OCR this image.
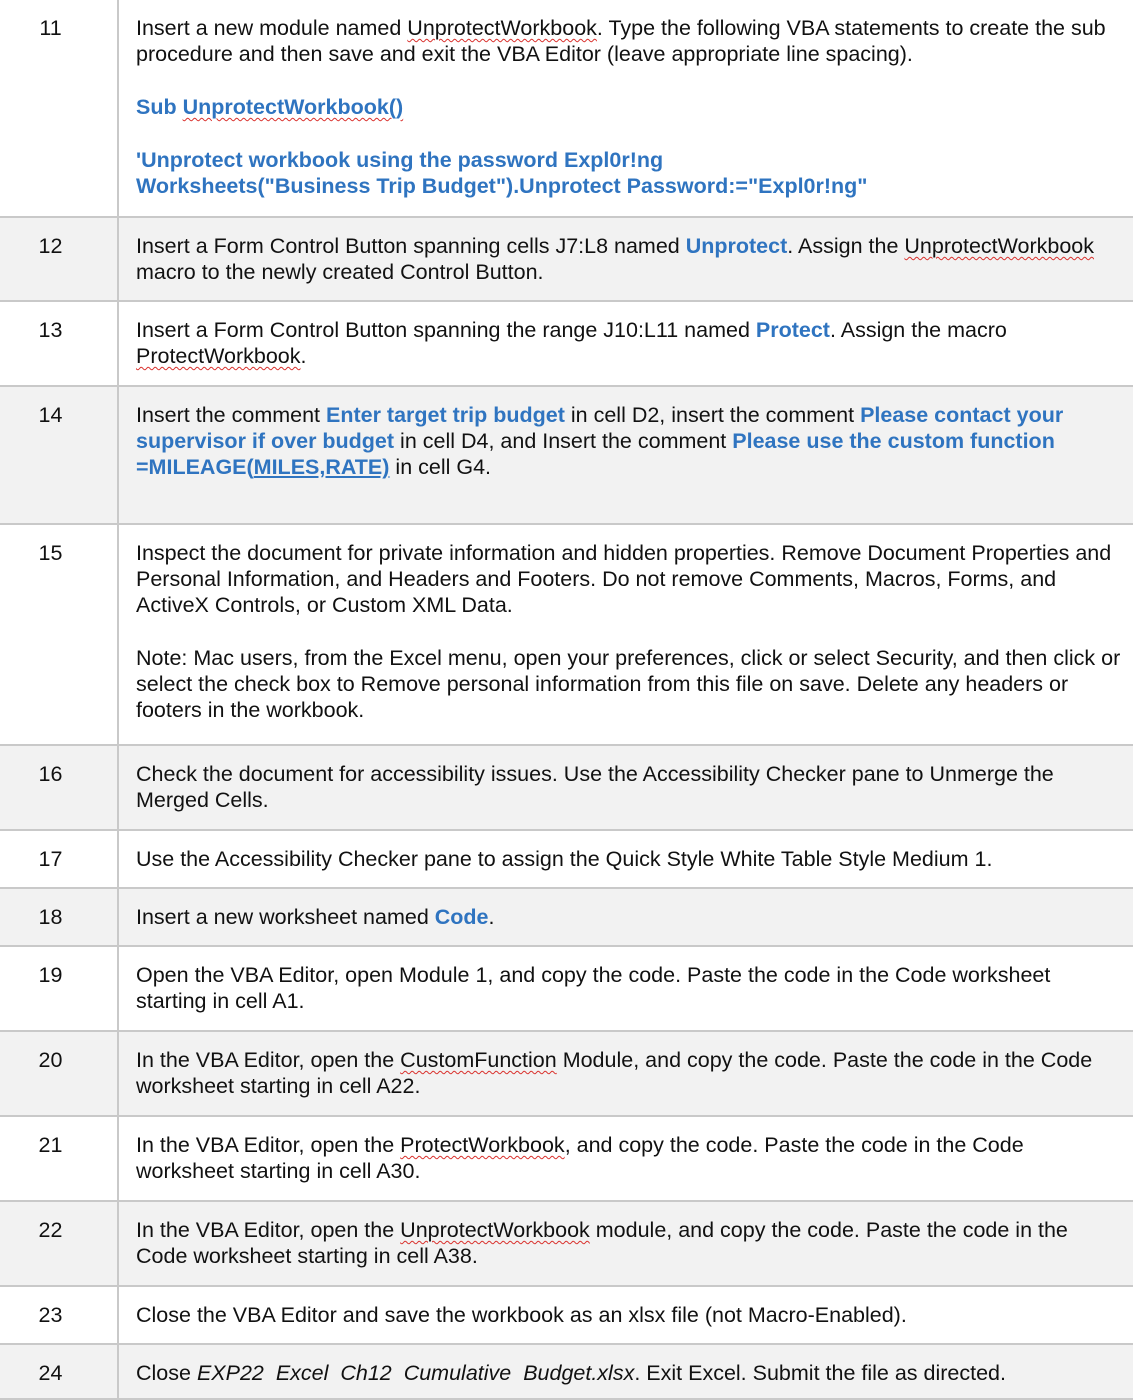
11	Insert a new module named UnprotectWorkbook. Type the following VBA statements to create the sub procedure and then save and exit the VBA Editor (leave appropriate line spacing).

Sub UnprotectWorkbook()

'Unprotect workbook using the password Expl0r!ng
Worksheets("Business Trip Budget").Unprotect Password:="Expl0r!ng"

12	Insert a Form Control Button spanning cells J7:L8 named Unprotect. Assign the UnprotectWorkbook macro to the newly created Control Button.

13	Insert a Form Control Button spanning the range J10:L11 named Protect. Assign the macro ProtectWorkbook.

14	Insert the comment Enter target trip budget in cell D2, insert the comment Please contact your supervisor if over budget in cell D4, and Insert the comment Please use the custom function
=MILEAGE(MILES,RATE) in cell G4.

15	Inspect the document for private information and hidden properties. Remove Document Properties and Personal Information, and Headers and Footers. Do not remove Comments, Macros, Forms, and ActiveX Controls, or Custom XML Data.

Note: Mac users, from the Excel menu, open your preferences, click or select Security, and then click or select the check box to Remove personal information from this file on save. Delete any headers or footers in the workbook.

16	Check the document for accessibility issues. Use the Accessibility Checker pane to Unmerge the Merged Cells.

17	Use the Accessibility Checker pane to assign the Quick Style White Table Style Medium 1.

18	Insert a new worksheet named Code.

19	Open the VBA Editor, open Module 1, and copy the code. Paste the code in the Code worksheet starting in cell A1.

20	In the VBA Editor, open the CustomFunction Module, and copy the code. Paste the code in the Code worksheet starting in cell A22.

21	In the VBA Editor, open the ProtectWorkbook, and copy the code. Paste the code in the Code worksheet starting in cell A30.

22	In the VBA Editor, open the UnprotectWorkbook module, and copy the code. Paste the code in the Code worksheet starting in cell A38.

23	Close the VBA Editor and save the workbook as an xlsx file (not Macro-Enabled).

24	Close EXP22  Excel  Ch12  Cumulative  Budget.xlsx. Exit Excel. Submit the file as directed.
